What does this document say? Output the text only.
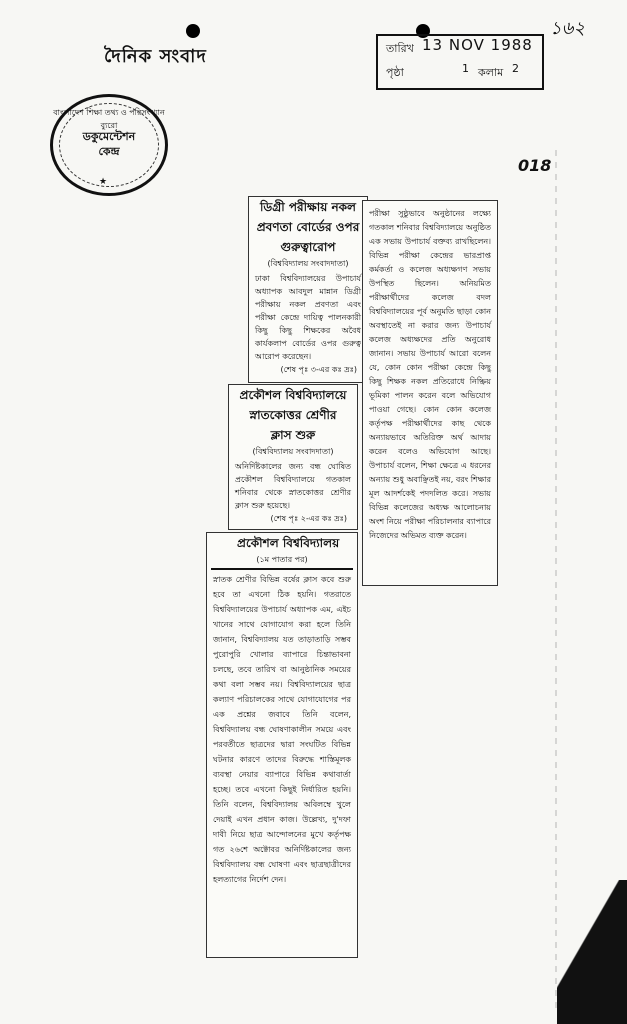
দৈনিক সংবাদ
বাংলাদেশ শিক্ষা তথ্য ও পরিসংখ্যান ব্যুরো
ডকুমেন্টেশন
কেন্দ্র
★
তারিখ 13 NOV 1988
পৃষ্ঠা	1 কলাম 2
১৬২
018
ডিগ্রী পরীক্ষায় নকল
প্রবণতা বোর্ডের ওপর
গুরুত্বারোপ
(বিশ্ববিদ্যালয় সংবাদদাতা)
ঢাকা বিশ্ববিদ্যালয়ের উপাচার্য অধ্যাপক আবদুল মান্নান ডিগ্রী পরীক্ষায় নকল প্রবণতা এবং পরীক্ষা কেন্দ্রে দায়িত্ব পালনকারী কিছু কিছু শিক্ষকের অবৈধ কার্যকলাপ বোর্ডের ওপর গুরুত্ব আরোপ করেছেন।
(শেষ পৃঃ ৩-এর কঃ দ্রঃ)
প্রকৌশল বিশ্ববিদ্যালয়ে
স্নাতকোত্তর শ্রেণীর
ক্লাস শুরু
(বিশ্ববিদ্যালয় সংবাদদাতা)
অনির্দিষ্টকালের জন্য বন্ধ ঘোষিত প্রকৌশল বিশ্ববিদ্যালয়ে গতকাল শনিবার থেকে স্নাতকোত্তর শ্রেণীর ক্লাস শুরু হয়েছে।
(শেষ পৃঃ ২-এর কঃ দ্রঃ)
প্রকৌশল বিশ্ববিদ্যালয়
(১ম পাতার পর)
স্নাতক শ্রেণীর বিভিন্ন বর্ষের ক্লাস কবে শুরু হবে তা এখনো ঠিক হয়নি। গতরাতে বিশ্ববিদ্যালয়ের উপাচার্য অধ্যাপক এম, এইচ খানের সাথে যোগাযোগ করা হলে তিনি জানান, বিশ্ববিদ্যালয় যত তাড়াতাড়ি সম্ভব পুরোপুরি খোলার ব্যাপারে চিন্তাভাবনা চলছে, তবে তারিখ বা আনুষ্ঠানিক সময়ের কথা বলা সম্ভব নয়। বিশ্ববিদ্যালয়ের ছাত্র কল্যাণ পরিচালকের সাথে যোগাযোগের পর এক প্রশ্নের জবাবে তিনি বলেন, বিশ্ববিদ্যালয় বন্ধ ঘোষণাকালীন সময়ে এবং পরবর্তীতে ছাত্রদের দ্বারা সংঘটিত বিভিন্ন ঘটনার কারণে তাদের বিরুদ্ধে শাস্তিমূলক ব্যবস্থা নেয়ার ব্যাপারে বিভিন্ন কথাবার্তা হচ্ছে। তবে এখনো কিছুই নির্ধারিত হয়নি। তিনি বলেন, বিশ্ববিদ্যালয় অবিলম্বে খুলে দেয়াই এখন প্রধান কাজ। উল্লেখ্য, দু'দফা দাবী নিয়ে ছাত্র আন্দোলনের মুখে কর্তৃপক্ষ গত ২৬শে অক্টোবর অনির্দিষ্টকালের জন্য বিশ্ববিদ্যালয় বন্ধ ঘোষণা এবং ছাত্রছাত্রীদের হলত্যাগের নির্দেশ দেন।
পরীক্ষা সুষ্ঠুভাবে অনুষ্ঠানের লক্ষ্যে গতকাল শনিবার বিশ্ববিদ্যালয়ে অনুষ্ঠিত এক সভায় উপাচার্য বক্তব্য রাখছিলেন। বিভিন্ন পরীক্ষা কেন্দ্রের ভারপ্রাপ্ত কর্মকর্তা ও কলেজ অধ্যক্ষগণ সভায় উপস্থিত ছিলেন। অনিয়মিত পরীক্ষার্থীদের কলেজ বদল বিশ্ববিদ্যালয়ের পূর্ব অনুমতি ছাড়া কোন অবস্থাতেই না করার জন্য উপাচার্য কলেজ অধ্যক্ষদের প্রতি অনুরোধ জানান। সভায় উপাচার্য আরো বলেন যে, কোন কোন পরীক্ষা কেন্দ্রে কিছু কিছু শিক্ষক নকল প্রতিরোধে নিষ্ক্রিয় ভূমিকা পালন করেন বলে অভিযোগ পাওয়া গেছে। কোন কোন কলেজ কর্তৃপক্ষ পরীক্ষার্থীদের কাছ থেকে অন্যায়ভাবে অতিরিক্ত অর্থ আদায় করেন বলেও অভিযোগ আছে। উপাচার্য বলেন, শিক্ষা ক্ষেত্রে এ ধরনের অন্যায় শুধু অবাঞ্ছিতই নয়, বরং শিক্ষার মূল আদর্শকেই পদদলিত করে। সভায় বিভিন্ন কলেজের অধ্যক্ষ আলোচনায় অংশ নিয়ে পরীক্ষা পরিচালনার ব্যাপারে নিজেদের অভিমত ব্যক্ত করেন।
